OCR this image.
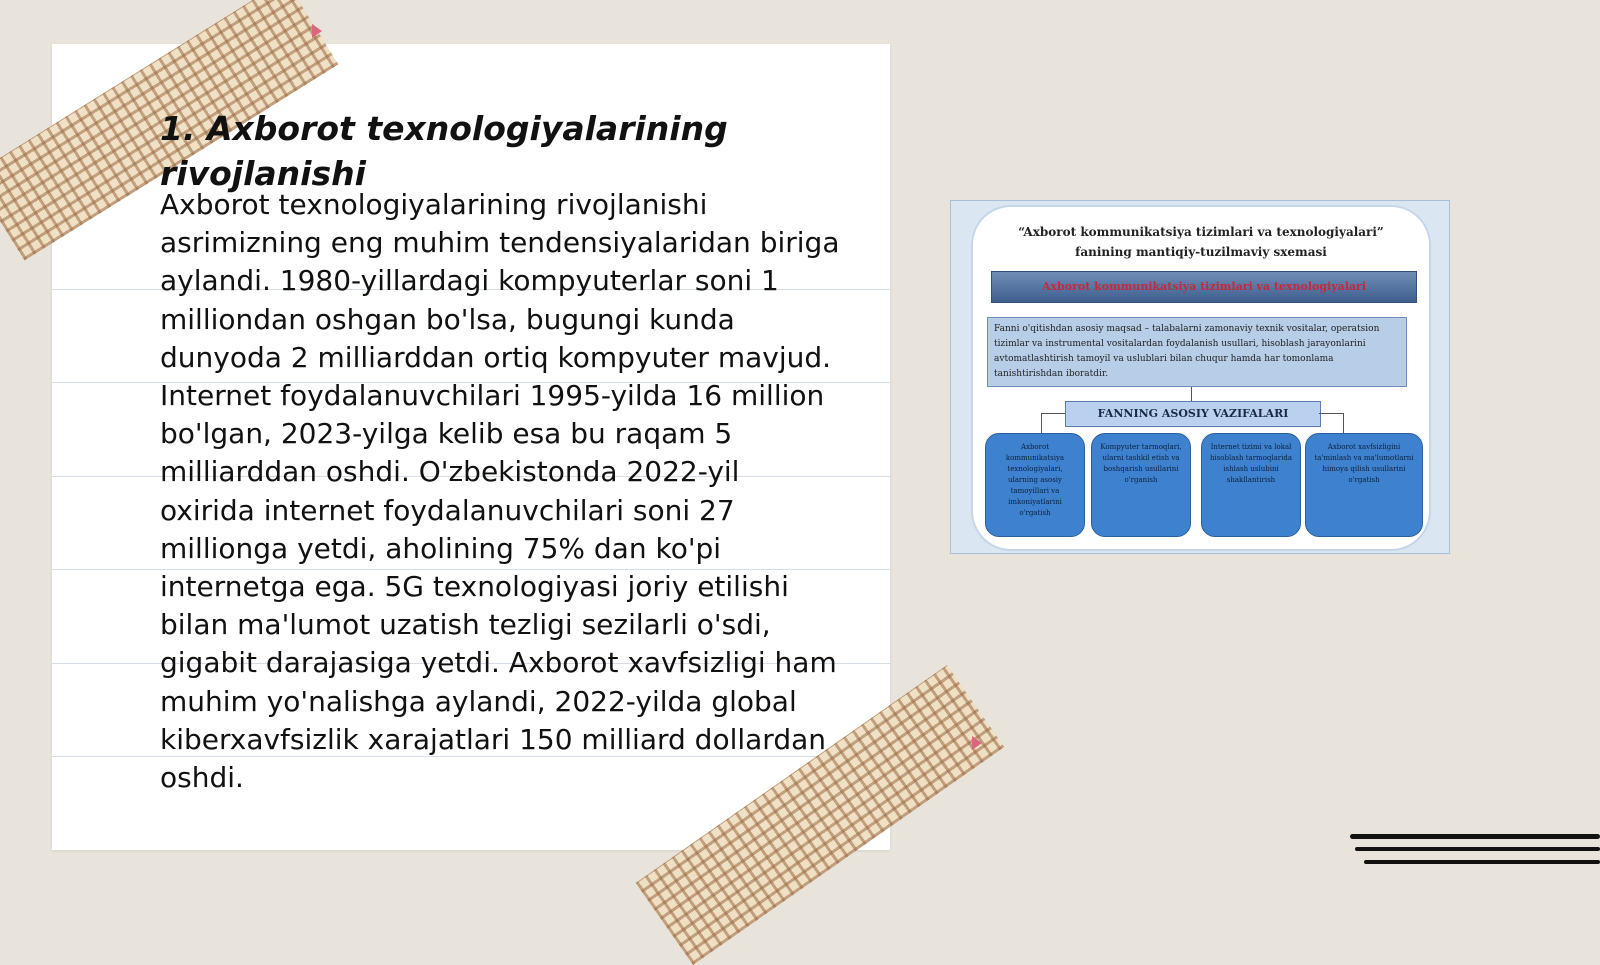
1. Axborot texnologiyalarining rivojlanishi

Axborot texnologiyalarining rivojlanishi asrimizning eng muhim tendensiyalaridan biriga aylandi. 1980-yillardagi kompyuterlar soni 1 milliondan oshgan bo'lsa, bugungi kunda dunyoda 2 milliarddan ortiq kompyuter mavjud. Internet foydalanuvchilari 1995-yilda 16 million bo'lgan, 2023-yilga kelib esa bu raqam 5 milliarddan oshdi. O'zbekistonda 2022-yil oxirida internet foydalanuvchilari soni 27 millionga yetdi, aholining 75% dan ko'pi internetga ega. 5G texnologiyasi joriy etilishi bilan ma'lumot uzatish tezligi sezilarli o'sdi, gigabit darajasiga yetdi. Axborot xavfsizligi ham muhim yo'nalishga aylandi, 2022-yilda global kiberxavfsizlik xarajatlari 150 milliard dollardan oshdi.

“Axborot kommunikatsiya tizimlari va texnologiyalari”

fanining mantiqiy-tuzilmaviy sxemasi

Axborot kommunikatsiya tizimlari va texnologiyalari
Fanni o'qitishdan asosiy maqsad – talabalarni zamonaviy texnik vositalar, operatsion tizimlar va instrumental vositalardan foydalanish usullari, hisoblash jarayonlarini avtomatlashtirish tamoyil va uslublari bilan chuqur hamda har tomonlama tanishtirishdan iboratdir.
FANNING ASOSIY VAZIFALARI
Axborot kommunikatsiya texnologiyalari, ularning asosiy tamoyillari va imkoniyatlarini o'rgatish
Kompyuter tarmoqlari, ularni tashkil etish va boshqarish usullarini o'rganish
Internet tizimi va lokal hisoblash tarmoqlarida ishlash uslubini shakllantirish
Axborot xavfsizligini ta'minlash va ma'lumotlarni himoya qilish usullarini o'rgatish
